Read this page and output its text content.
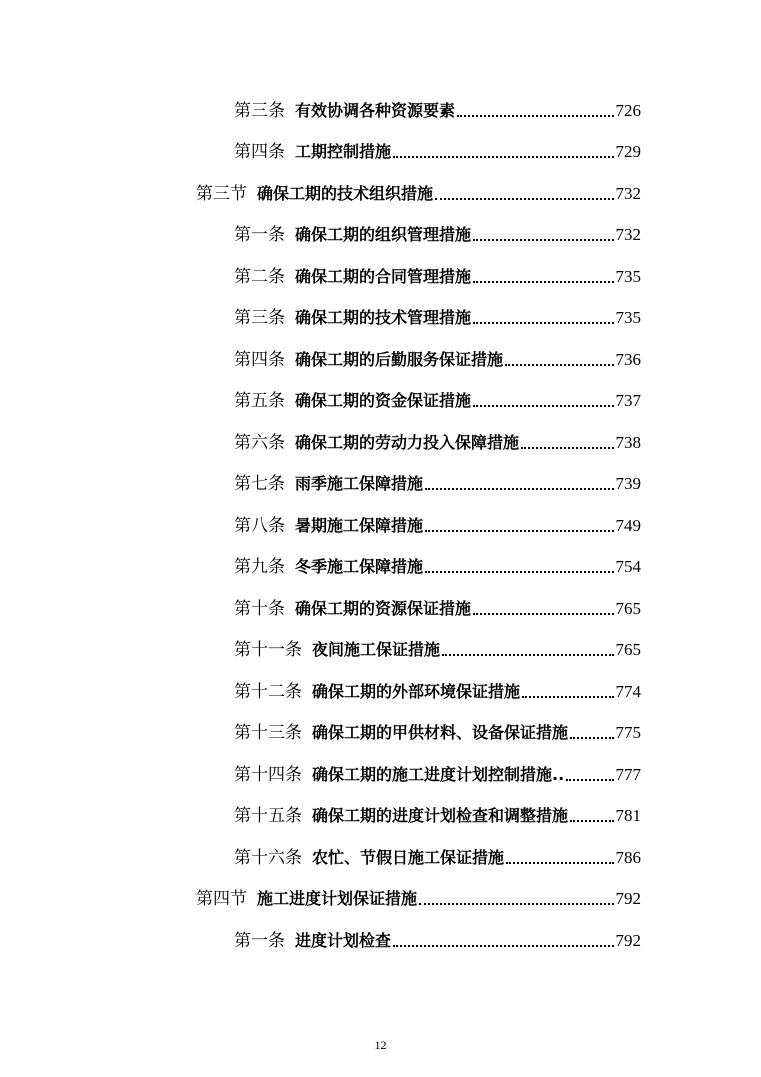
第三条 有效协调各种资源要素	726
第四条 工期控制措施	729
第三节 确保工期的技术组织措施	732
第一条 确保工期的组织管理措施	732
第二条 确保工期的合同管理措施	735
第三条 确保工期的技术管理措施	735
第四条 确保工期的后勤服务保证措施	736
第五条 确保工期的资金保证措施	737
第六条 确保工期的劳动力投入保障措施	738
第七条 雨季施工保障措施	739
第八条 暑期施工保障措施	749
第九条 冬季施工保障措施	754
第十条 确保工期的资源保证措施	765
第十一条 夜间施工保证措施	765
第十二条 确保工期的外部环境保证措施	774
第十三条 确保工期的甲供材料、设备保证措施	775
第十四条 确保工期的施工进度计划控制措施..	777
第十五条 确保工期的进度计划检查和调整措施	781
第十六条 农忙、节假日施工保证措施	786
第四节 施工进度计划保证措施	792
第一条 进度计划检查	792
12
